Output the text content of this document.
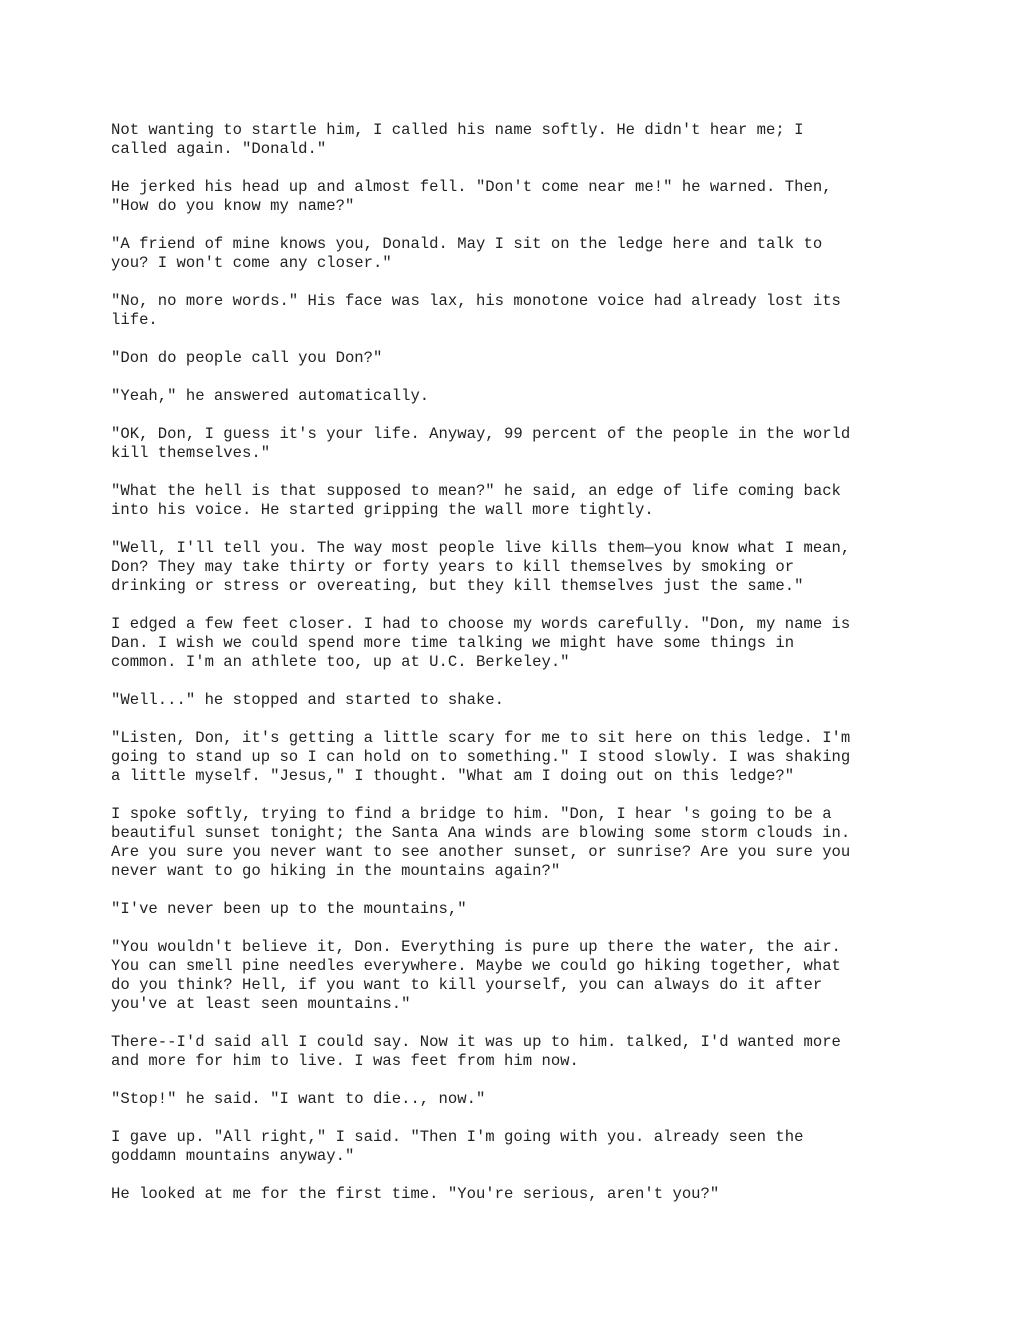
Not wanting to startle him, I called his name softly. He didn't hear me; I
called again. "Donald."

He jerked his head up and almost fell. "Don't come near me!" he warned. Then,
"How do you know my name?"

"A friend of mine knows you, Donald. May I sit on the ledge here and talk to
you? I won't come any closer."

"No, no more words." His face was lax, his monotone voice had already lost its
life.

"Don do people call you Don?"

"Yeah," he answered automatically.

"OK, Don, I guess it's your life. Anyway, 99 percent of the people in the world
kill themselves."

"What the hell is that supposed to mean?" he said, an edge of life coming back
into his voice. He started gripping the wall more tightly.

"Well, I'll tell you. The way most people live kills them—you know what I mean,
Don? They may take thirty or forty years to kill themselves by smoking or
drinking or stress or overeating, but they kill themselves just the same."

I edged a few feet closer. I had to choose my words carefully. "Don, my name is
Dan. I wish we could spend more time talking we might have some things in
common. I'm an athlete too, up at U.C. Berkeley."

"Well..." he stopped and started to shake.

"Listen, Don, it's getting a little scary for me to sit here on this ledge. I'm
going to stand up so I can hold on to something." I stood slowly. I was shaking
a little myself. "Jesus," I thought. "What am I doing out on this ledge?"

I spoke softly, trying to find a bridge to him. "Don, I hear 's going to be a
beautiful sunset tonight; the Santa Ana winds are blowing some storm clouds in.
Are you sure you never want to see another sunset, or sunrise? Are you sure you
never want to go hiking in the mountains again?"

"I've never been up to the mountains,"

"You wouldn't believe it, Don. Everything is pure up there the water, the air.
You can smell pine needles everywhere. Maybe we could go hiking together, what
do you think? Hell, if you want to kill yourself, you can always do it after
you've at least seen mountains."

There--I'd said all I could say. Now it was up to him. talked, I'd wanted more
and more for him to live. I was feet from him now.

"Stop!" he said. "I want to die.., now."

I gave up. "All right," I said. "Then I'm going with you. already seen the
goddamn mountains anyway."

He looked at me for the first time. "You're serious, aren't you?"
